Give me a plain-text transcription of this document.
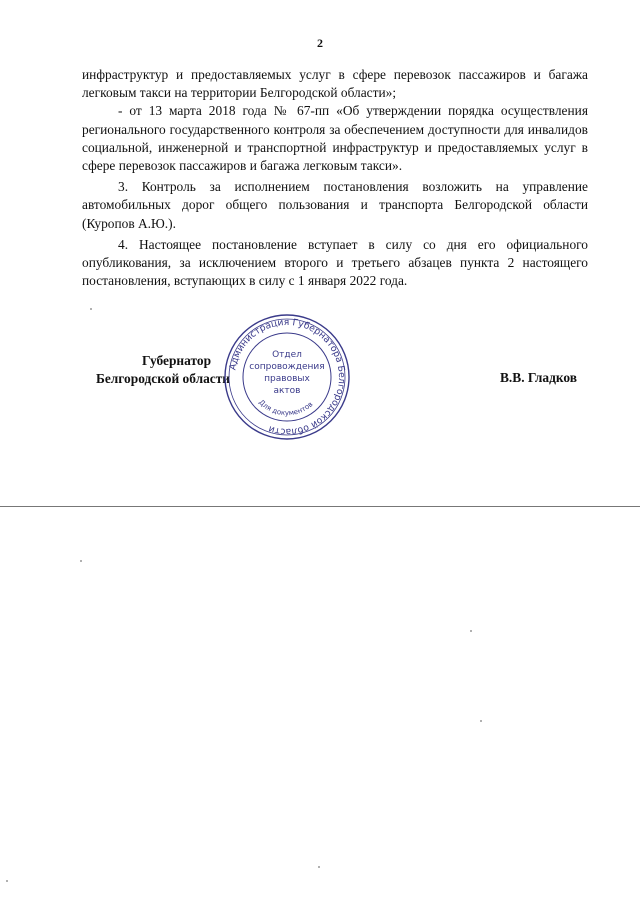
2

инфраструктур и предоставляемых услуг в сфере перевозок пассажиров и багажа легковым такси на территории Белгородской области»;

- от 13 марта 2018 года № 67-пп «Об утверждении порядка осуществления регионального государственного контроля за обеспечением доступности для инвалидов социальной, инженерной и транспортной инфраструктур и предоставляемых услуг в сфере перевозок пассажиров и багажа легковым такси».

3. Контроль за исполнением постановления возложить на управление автомобильных дорог общего пользования и транспорта Белгородской области (Куропов А.Ю.).

4. Настоящее постановление вступает в силу со дня его официального опубликования, за исключением второго и третьего абзацев пункта 2 настоящего постановления, вступающих в силу с 1 января 2022 года.

Губернатор
Белгородской области
Администрация Губернатора Белгородской области
Отдел
сопровождения
правовых
актов
Для документов
В.В. Гладков
